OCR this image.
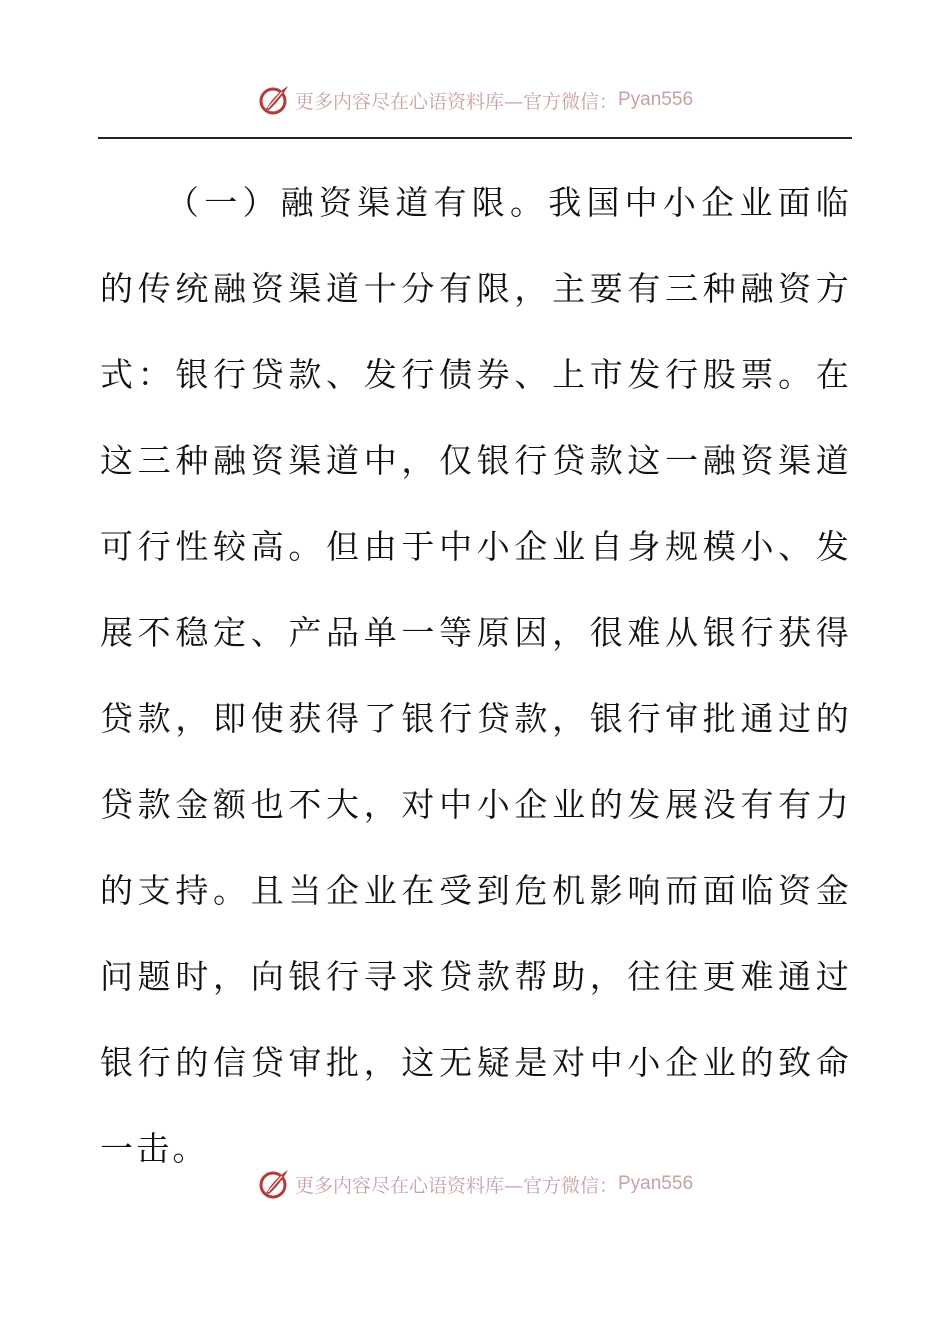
更多内容尽在心语资料库—官方微信： Pyan556

（一）融资渠道有限。我国中小企业面临的传统融资渠道十分有限，主要有三种融资方式：银行贷款、发行债券、上市发行股票。在这三种融资渠道中，仅银行贷款这一融资渠道可行性较高。但由于中小企业自身规模小、发展不稳定、产品单一等原因，很难从银行获得贷款，即使获得了银行贷款，银行审批通过的贷款金额也不大，对中小企业的发展没有有力的支持。且当企业在受到危机影响而面临资金问题时，向银行寻求贷款帮助，往往更难通过银行的信贷审批，这无疑是对中小企业的致命一击。

更多内容尽在心语资料库—官方微信： Pyan556
